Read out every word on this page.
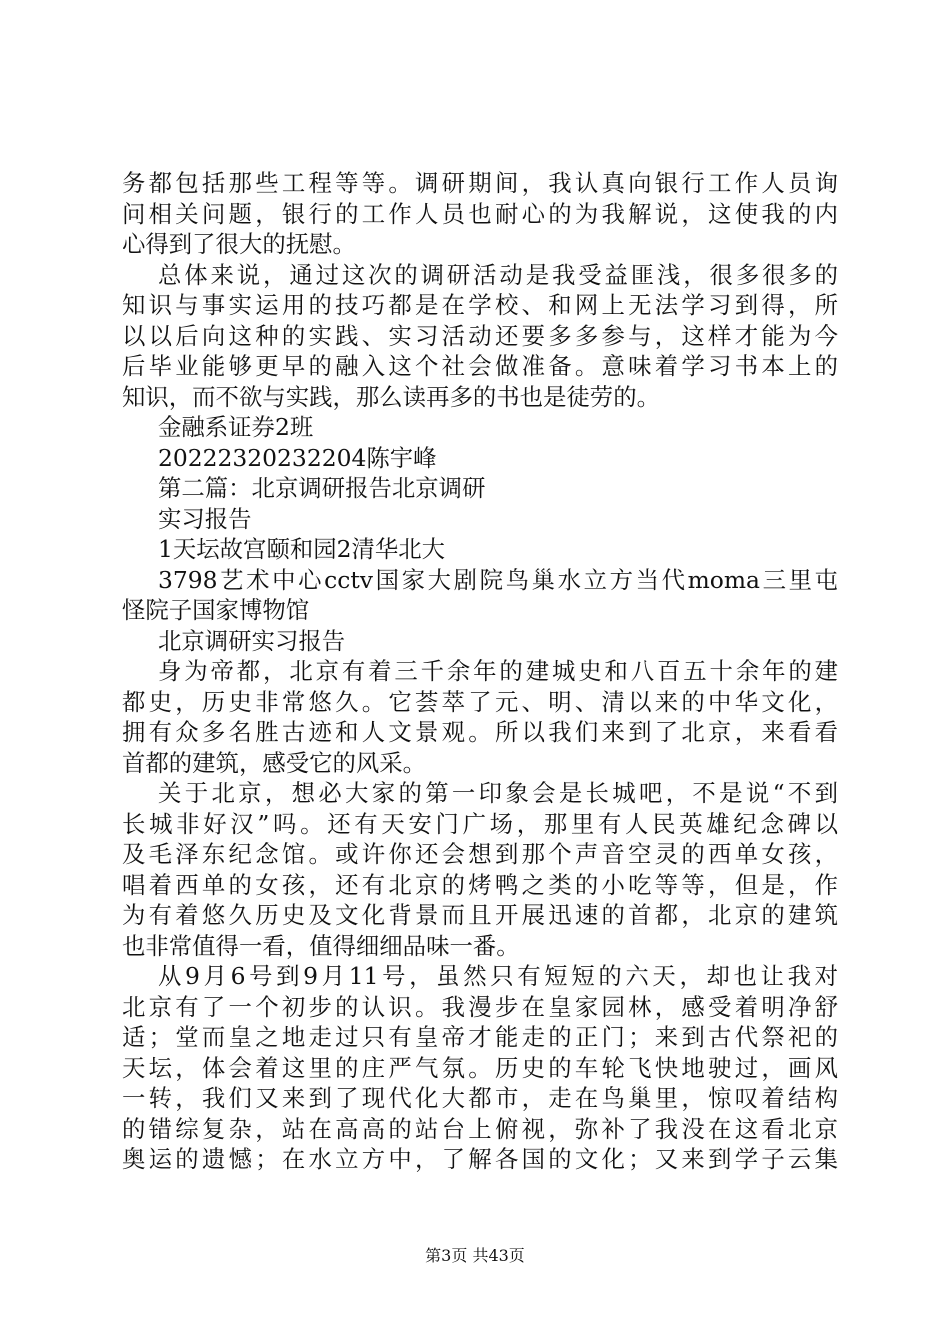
务都包括那些工程等等。调研期间，我认真向银行工作人员询
问相关问题，银行的工作人员也耐心的为我解说，这使我的内
心得到了很大的抚慰。
总体来说，通过这次的调研活动是我受益匪浅，很多很多的
知识与事实运用的技巧都是在学校、和网上无法学习到得，所
以以后向这种的实践、实习活动还要多多参与，这样才能为今
后毕业能够更早的融入这个社会做准备。意味着学习书本上的
知识，而不欲与实践，那么读再多的书也是徒劳的。
金融系证券2班
20222320232204陈宇峰
第二篇：北京调研报告北京调研
实习报告
1天坛故宫颐和园2清华北大
3798艺术中心cctv国家大剧院鸟巢水立方当代moma三里屯
怪院子国家博物馆
北京调研实习报告
身为帝都，北京有着三千余年的建城史和八百五十余年的建
都史，历史非常悠久。它荟萃了元、明、清以来的中华文化，
拥有众多名胜古迹和人文景观。所以我们来到了北京，来看看
首都的建筑，感受它的风采。
关于北京，想必大家的第一印象会是长城吧，不是说“不到
长城非好汉”吗。还有天安门广场，那里有人民英雄纪念碑以
及毛泽东纪念馆。或许你还会想到那个声音空灵的西单女孩，
唱着西单的女孩，还有北京的烤鸭之类的小吃等等，但是，作
为有着悠久历史及文化背景而且开展迅速的首都，北京的建筑
也非常值得一看，值得细细品味一番。
从9月6号到9月11号，虽然只有短短的六天，却也让我对
北京有了一个初步的认识。我漫步在皇家园林，感受着明净舒
适；堂而皇之地走过只有皇帝才能走的正门；来到古代祭祀的
天坛，体会着这里的庄严气氛。历史的车轮飞快地驶过，画风
一转，我们又来到了现代化大都市，走在鸟巢里，惊叹着结构
的错综复杂，站在高高的站台上俯视，弥补了我没在这看北京
奥运的遗憾；在水立方中，了解各国的文化；又来到学子云集
第3页 共43页
